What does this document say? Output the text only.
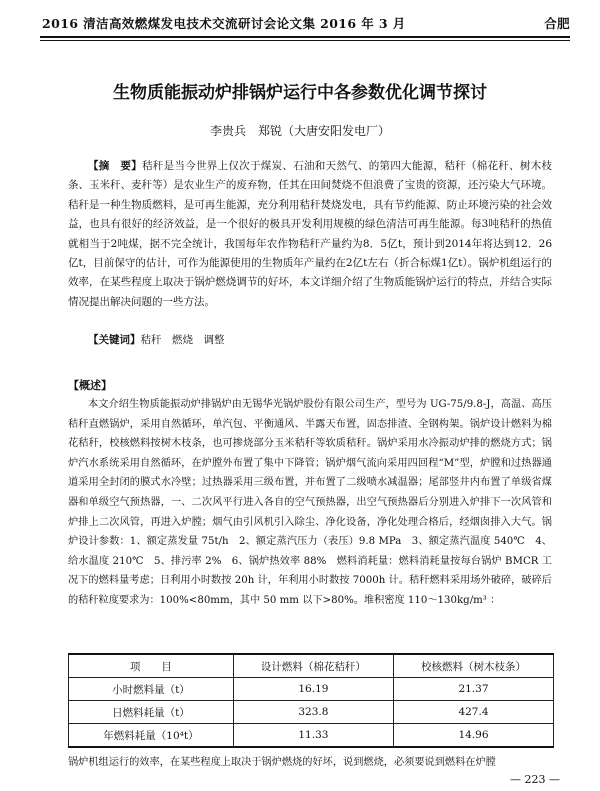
2016 清洁高效燃煤发电技术交流研讨会论文集 2016 年 3 月	合肥
生物质能振动炉排锅炉运行中各参数优化调节探讨
李贵兵　郑锐（大唐安阳发电厂）
【摘　要】秸秆是当今世界上仅次于煤炭、石油和天然气、的第四大能源，秸秆（棉花秆、树木枝条、玉米秆、麦秆等）是农业生产的废弃物，任其在田间焚烧不但浪费了宝贵的资源，还污染大气环境。秸秆是一种生物质燃料，是可再生能源，充分利用秸秆焚烧发电，具有节约能源、防止环境污染的社会效益，也具有很好的经济效益，是一个很好的极具开发利用规模的绿色清洁可再生能源。每3吨秸秆的热值就相当于2吨煤，据不完全统计，我国每年农作物秸秆产量约为8．5亿t，预计到2014年将达到12．26亿t，目前保守的估计，可作为能源使用的生物质年产量约在2亿t左右（折合标煤1亿t）。锅炉机组运行的效率，在某些程度上取决于锅炉燃烧调节的好坏，本文详细介绍了生物质能锅炉运行的特点，并结合实际情况提出解决问题的一些方法。
【关键词】秸秆　燃烧　调整
【概述】
本文介绍生物质能振动炉排锅炉由无锡华光锅炉股份有限公司生产，型号为 UG-75/9.8-J，高温、高压秸秆直燃锅炉，采用自然循环，单汽包、平衡通风、半露天布置，固态排渣、全钢构架。锅炉设计燃料为棉花秸秆，校核燃料按树木枝条，也可掺烧部分玉米秸秆等软质秸秆。锅炉采用水冷振动炉排的燃烧方式；锅炉汽水系统采用自然循环，在炉膛外布置了集中下降管；锅炉烟气流向采用四回程“M”型，炉膛和过热器通道采用全封闭的膜式水冷壁；过热器采用三级布置，并布置了二级喷水减温器；尾部竖井内布置了单级省煤器和单级空气预热器，一、二次风平行进入各自的空气预热器，出空气预热器后分别进入炉排下一次风管和炉排上二次风管，再进入炉膛；烟气由引风机引入除尘、净化设备，净化处理合格后，经烟囱排入大气。锅炉设计参数：1、额定蒸发量 75t/h　2、额定蒸汽压力（表压）9.8 MPa　3、额定蒸汽温度 540℃　4、给水温度 210℃　5、排污率 2%　6、锅炉热效率 88%　燃料消耗量：燃料消耗量按每台锅炉 BMCR 工况下的燃料量考虑；日利用小时数按 20h 计，年利用小时数按 7000h 计。秸秆燃料采用场外破碎，破碎后的秸秆粒度要求为：100%<80mm，其中 50 mm 以下>80%。堆积密度 110～130kg/m³ ：
项　　目	设计燃料（棉花秸秆）	校核燃料（树木枝条）
小时燃料量（t）	16.19	21.37
日燃料耗量（t）	323.8	427.4
年燃料耗量（10⁴t）	11.33	14.96
锅炉机组运行的效率，在某些程度上取决于锅炉燃烧的好坏，说到燃烧，必须要说到燃料在炉膛
— 223 —
